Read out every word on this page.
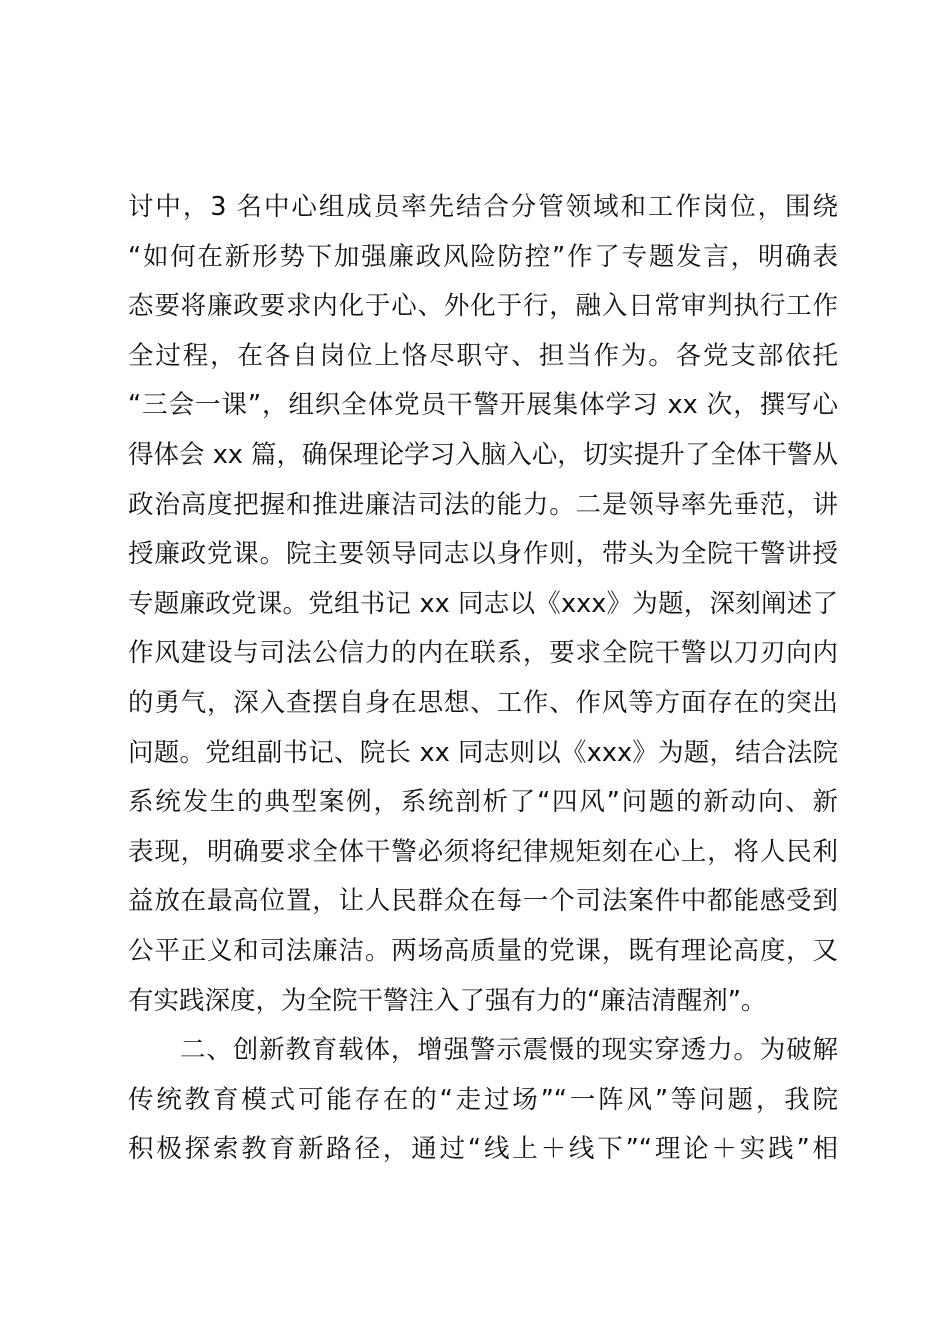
讨中，3 名中心组成员率先结合分管领域和工作岗位，围绕
“如何在新形势下加强廉政风险防控”作了专题发言，明确表
态要将廉政要求内化于心、外化于行，融入日常审判执行工作
全过程，在各自岗位上恪尽职守、担当作为。各党支部依托
“三会一课”，组织全体党员干警开展集体学习 xx 次，撰写心
得体会 xx 篇，确保理论学习入脑入心，切实提升了全体干警从
政治高度把握和推进廉洁司法的能力。二是领导率先垂范，讲
授廉政党课。院主要领导同志以身作则，带头为全院干警讲授
专题廉政党课。党组书记 xx 同志以《xxx》为题，深刻阐述了
作风建设与司法公信力的内在联系，要求全院干警以刀刃向内
的勇气，深入查摆自身在思想、工作、作风等方面存在的突出
问题。党组副书记、院长 xx 同志则以《xxx》为题，结合法院
系统发生的典型案例，系统剖析了“四风”问题的新动向、新
表现，明确要求全体干警必须将纪律规矩刻在心上，将人民利
益放在最高位置，让人民群众在每一个司法案件中都能感受到
公平正义和司法廉洁。两场高质量的党课，既有理论高度，又
有实践深度，为全院干警注入了强有力的“廉洁清醒剂”。
二、创新教育载体，增强警示震慑的现实穿透力。为破解
传统教育模式可能存在的“走过场”“一阵风”等问题，我院
积极探索教育新路径，通过“线上＋线下”“理论＋实践”相
